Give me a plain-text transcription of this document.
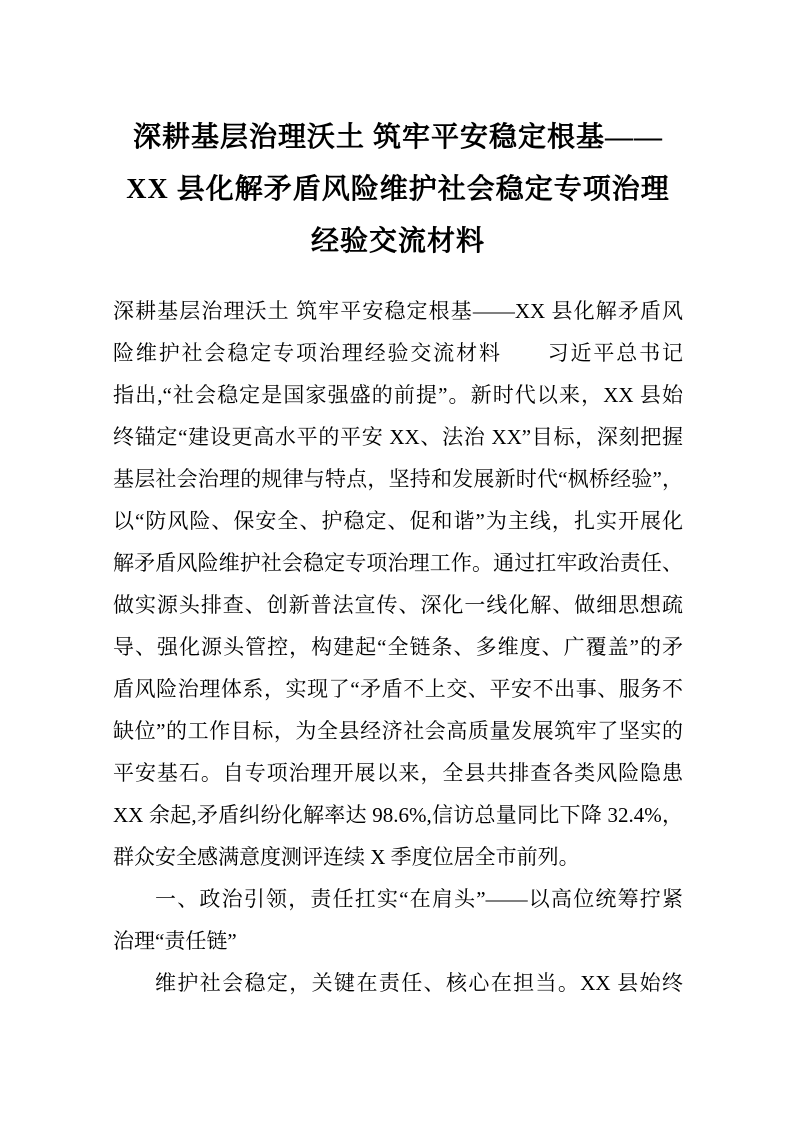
深耕基层治理沃土 筑牢平安稳定根基——
XX 县化解矛盾风险维护社会稳定专项治理
经验交流材料
深耕基层治理沃土 筑牢平安稳定根基——XX 县化解矛盾风
险维护社会稳定专项治理经验交流材料　　习近平总书记
指出,“社会稳定是国家强盛的前提”。新时代以来，XX 县始
终锚定“建设更高水平的平安 XX、法治 XX”目标，深刻把握
基层社会治理的规律与特点，坚持和发展新时代“枫桥经验”，
以“防风险、保安全、护稳定、促和谐”为主线，扎实开展化
解矛盾风险维护社会稳定专项治理工作。通过扛牢政治责任、
做实源头排查、创新普法宣传、深化一线化解、做细思想疏
导、强化源头管控，构建起“全链条、多维度、广覆盖”的矛
盾风险治理体系，实现了“矛盾不上交、平安不出事、服务不
缺位”的工作目标，为全县经济社会高质量发展筑牢了坚实的
平安基石。自专项治理开展以来，全县共排查各类风险隐患
XX 余起,矛盾纠纷化解率达 98.6%,信访总量同比下降 32.4%，
群众安全感满意度测评连续 X 季度位居全市前列。
一、政治引领，责任扛实“在肩头”——以高位统筹拧紧
治理“责任链”
维护社会稳定，关键在责任、核心在担当。XX 县始终
